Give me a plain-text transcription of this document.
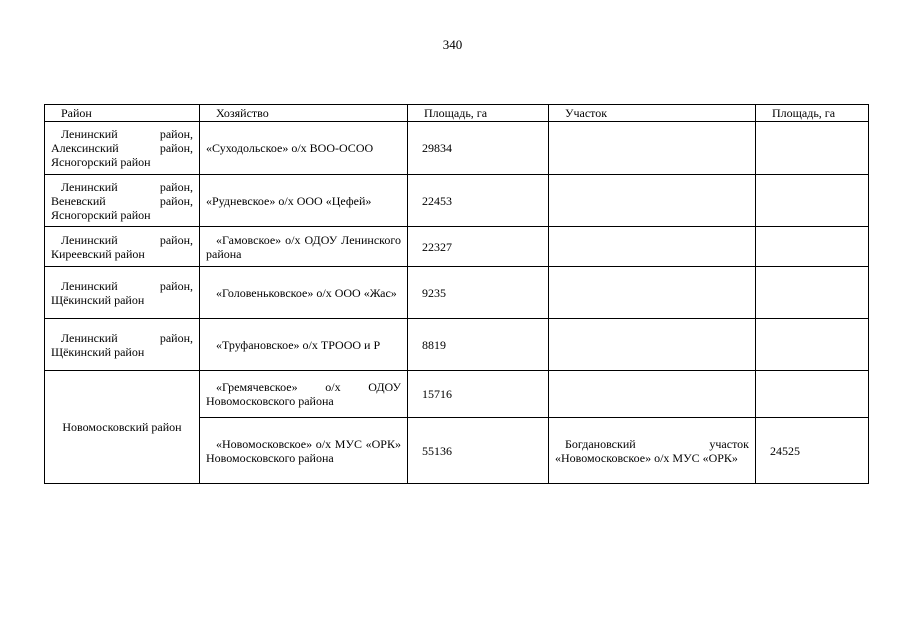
340
Район	Хозяйство	Площадь, га	Участок	Площадь, га
Ленинский район, Алексинский район, Ясногорский район	«Суходольское» о/х ВОО-ОСОО	29834		
Ленинский район, Веневский район, Ясногорский район	«Рудневское» о/х ООО «Цефей»	22453		
Ленинский район, Киреевский район	«Гамовское» о/х ОДОУ Ленинского района	22327		
Ленинский район, Щёкинский район	«Головеньковское» о/х ООО «Жас»	9235		
Ленинский район, Щёкинский район	«Труфановское» о/х ТРООО и Р	8819		
Новомосковский район	«Гремячевское» о/х ОДОУ Новомосковского района	15716		
	«Новомосковское» о/х МУС «ОРК» Новомосковского района	55136	Богдановский участок «Новомосковское» о/х МУС «ОРК»	24525
